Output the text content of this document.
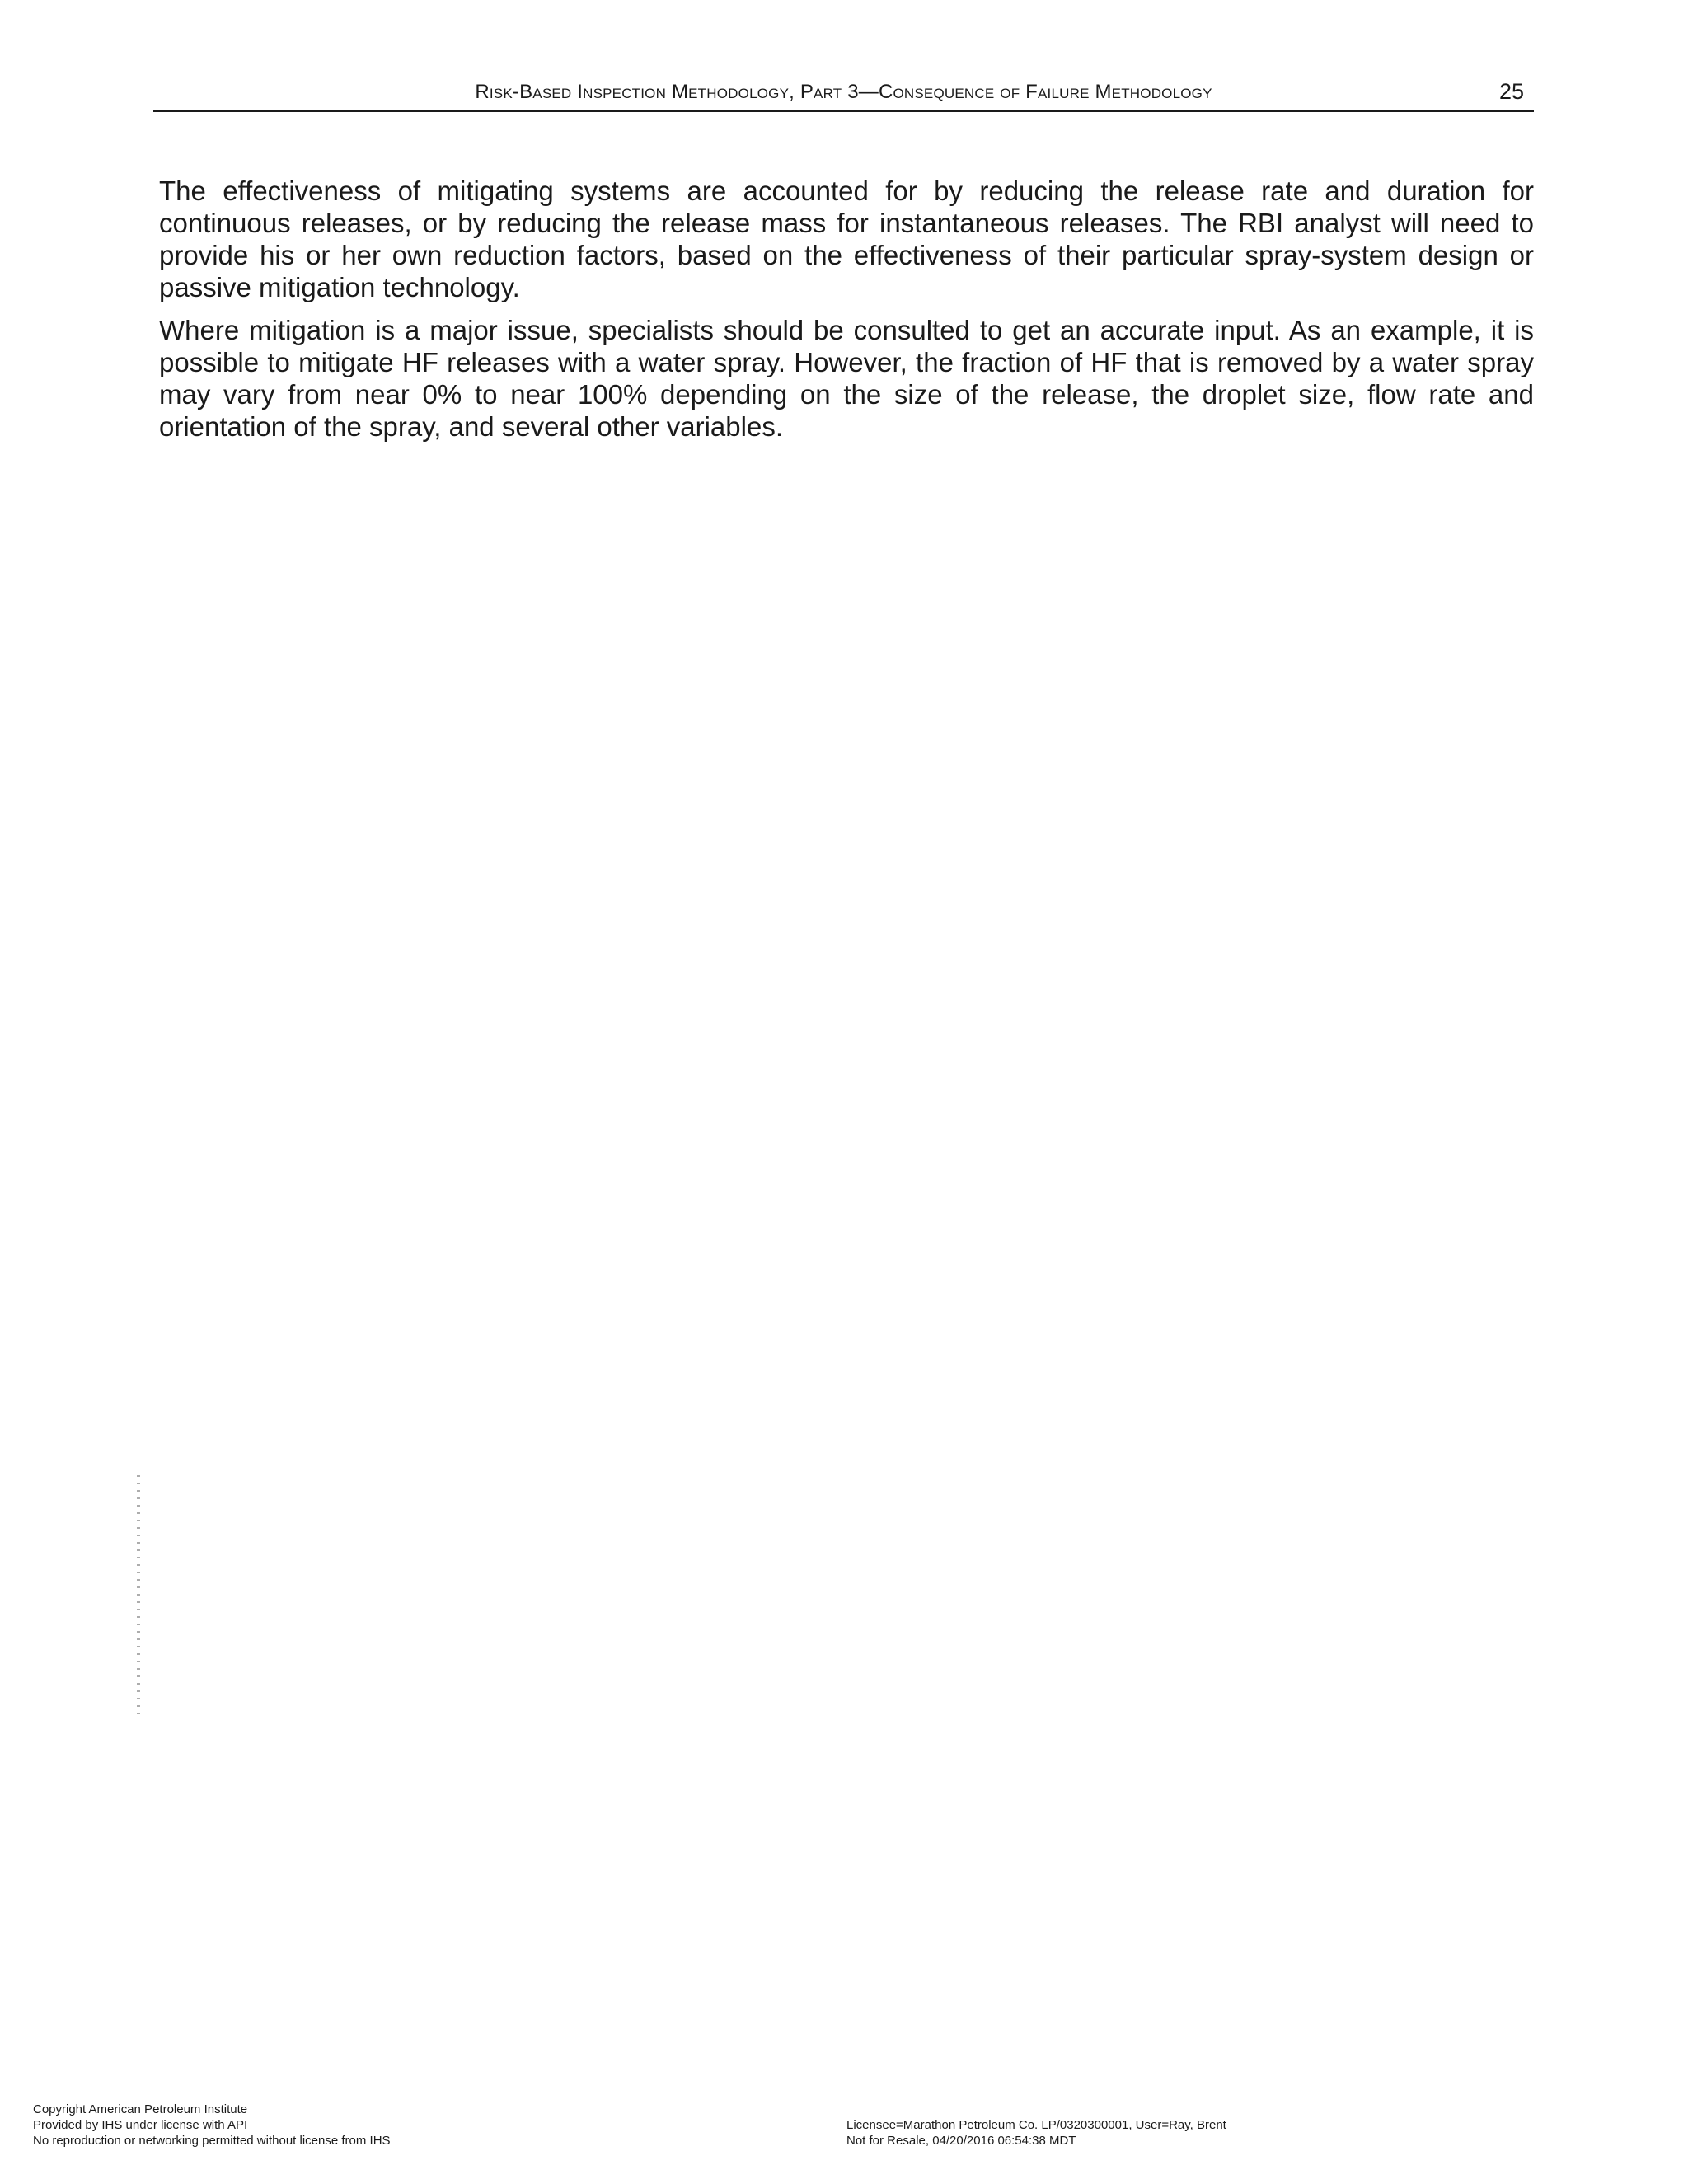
Risk-Based Inspection Methodology, Part 3—Consequence of Failure Methodology	25

The effectiveness of mitigating systems are accounted for by reducing the release rate and duration for continuous releases, or by reducing the release mass for instantaneous releases. The RBI analyst will need to provide his or her own reduction factors, based on the effectiveness of their particular spray-system design or passive mitigation technology.

Where mitigation is a major issue, specialists should be consulted to get an accurate input. As an example, it is possible to mitigate HF releases with a water spray. However, the fraction of HF that is removed by a water spray may vary from near 0% to near 100% depending on the size of the release, the droplet size, flow rate and orientation of the spray, and several other variables.

Copyright American Petroleum Institute
Provided by IHS under license with API
No reproduction or networking permitted without license from IHS
Licensee=Marathon Petroleum Co. LP/0320300001, User=Ray, Brent
Not for Resale, 04/20/2016 06:54:38 MDT
